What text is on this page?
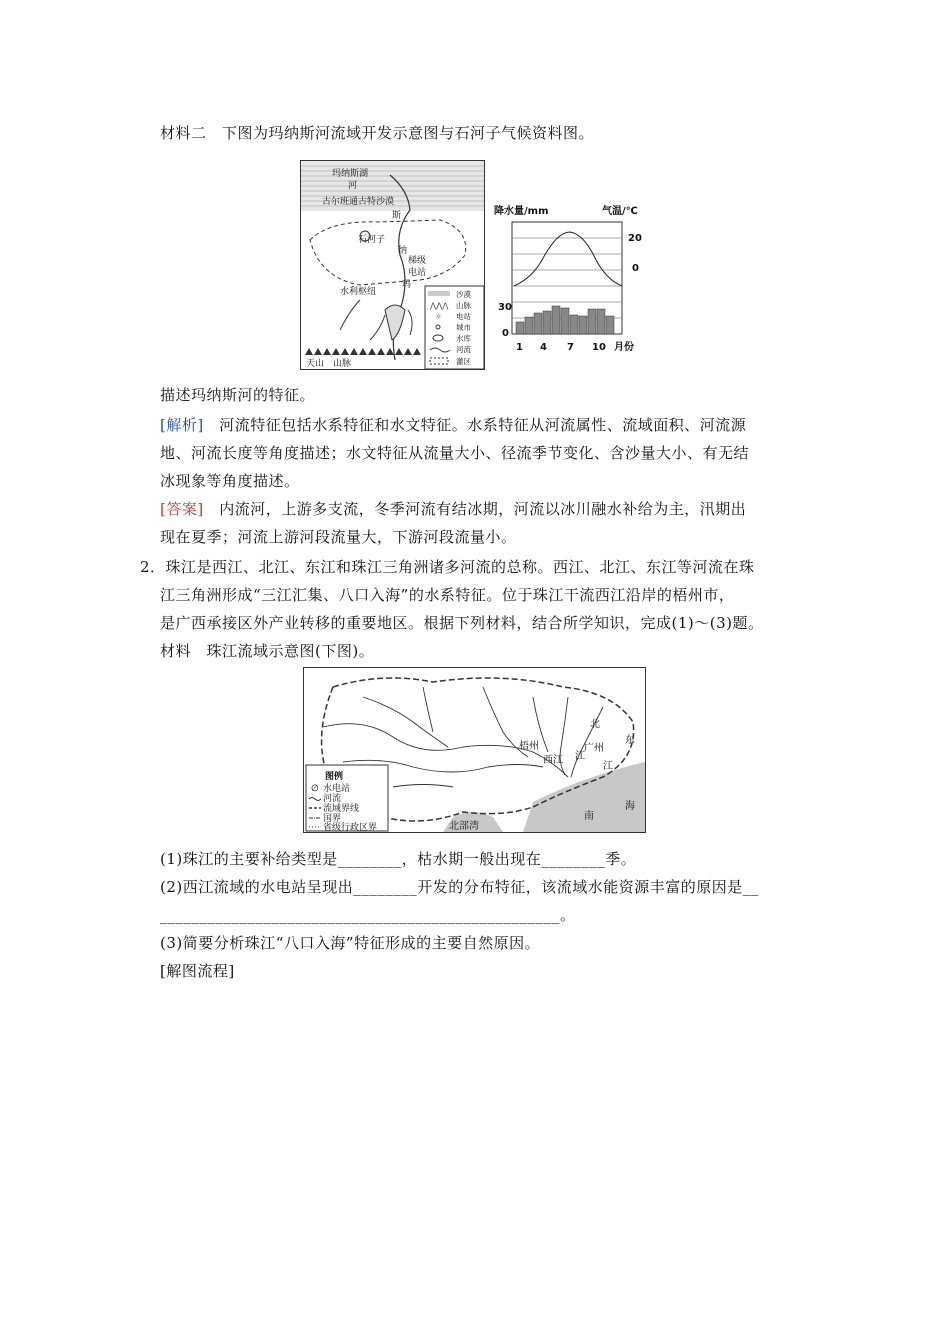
材料二　下图为玛纳斯河流域开发示意图与石河子气候资料图。
玛纳斯湖
河
古尔班通古特沙漠
斯
石河子
纳
梯级
电站
玛
水利枢纽
天山　山脉
沙漠
⋀⋀⋀ 山脉
☼ 电站
城市
水库
河流
灌区
降水量/mm	气温/℃
20
0
30
0
1 4 7 10 月份
描述玛纳斯河的特征。
[解析]　河流特征包括水系特征和水文特征。水系特征从河流属性、流域面积、河流源
地、河流长度等角度描述；水文特征从流量大小、径流季节变化、含沙量大小、有无结
冰现象等角度描述。
[答案]　内流河，上游多支流，冬季河流有结冰期，河流以冰川融水补给为主，汛期出
现在夏季；河流上游河段流量大，下游河段流量小。
2．珠江是西江、北江、东江和珠江三角洲诸多河流的总称。西江、北江、东江等河流在珠
江三角洲形成“三江汇集、八口入海”的水系特征。位于珠江干流西江沿岸的梧州市，
是广西承接区外产业转移的重要地区。根据下列材料，结合所学知识，完成(1)～(3)题。
材料　珠江流域示意图(下图)。
图例
∅ 水电站
河流
流域界线
国界
省级行政区界
梧州
西江
北
江
广州
东
江
北部湾
南
海
(1)珠江的主要补给类型是________，枯水期一般出现在________季。
(2)西江流域的水电站呈现出________开发的分布特征，该流域水能资源丰富的原因是__
__________________________________________________。
(3)简要分析珠江“八口入海”特征形成的主要自然原因。
[解图流程]
